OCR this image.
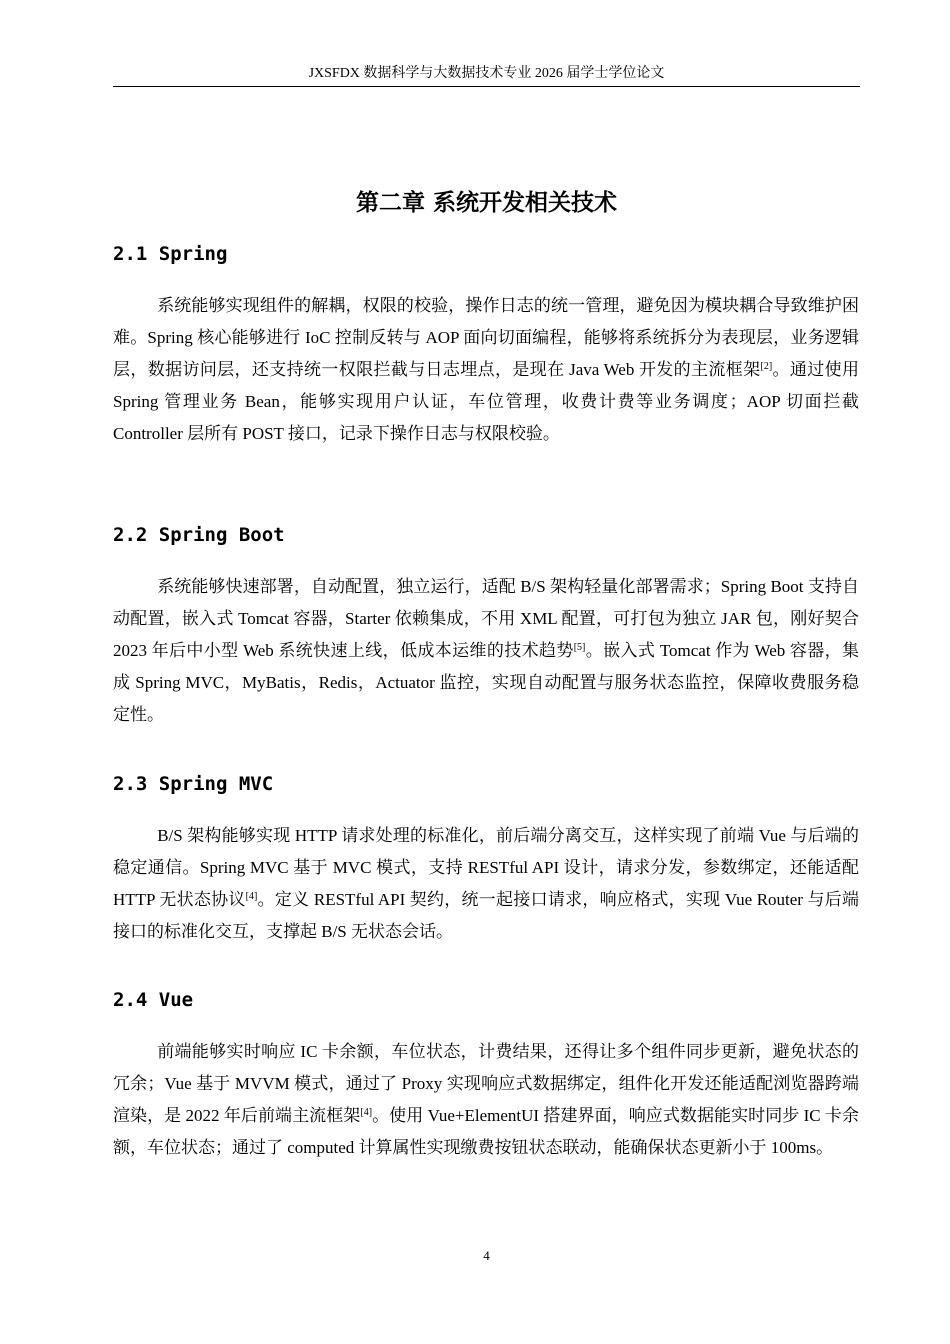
JXSFDX 数据科学与大数据技术专业 2026 届学士学位论文
第二章 系统开发相关技术
2.1 Spring

系统能够实现组件的解耦，权限的校验，操作日志的统一管理，避免因为模块耦合导致维护困难。Spring 核心能够进行 IoC 控制反转与 AOP 面向切面编程，能够将系统拆分为表现层，业务逻辑层，数据访问层，还支持统一权限拦截与日志埋点，是现在 Java Web 开发的主流框架[2]。通过使用 Spring 管理业务 Bean，能够实现用户认证，车位管理，收费计费等业务调度；AOP 切面拦截 Controller 层所有 POST 接口，记录下操作日志与权限校验。

2.2 Spring Boot

系统能够快速部署，自动配置，独立运行，适配 B/S 架构轻量化部署需求；Spring Boot 支持自动配置，嵌入式 Tomcat 容器，Starter 依赖集成，不用 XML 配置，可打包为独立 JAR 包，刚好契合 2023 年后中小型 Web 系统快速上线，低成本运维的技术趋势[5]。嵌入式 Tomcat 作为 Web 容器，集成 Spring MVC，MyBatis，Redis，Actuator 监控，实现自动配置与服务状态监控，保障收费服务稳定性。

2.3 Spring MVC

B/S 架构能够实现 HTTP 请求处理的标准化，前后端分离交互，这样实现了前端 Vue 与后端的稳定通信。Spring MVC 基于 MVC 模式，支持 RESTful API 设计，请求分发，参数绑定，还能适配 HTTP 无状态协议[4]。定义 RESTful API 契约，统一起接口请求，响应格式，实现 Vue Router 与后端接口的标准化交互，支撑起 B/S 无状态会话。

2.4 Vue

前端能够实时响应 IC 卡余额，车位状态，计费结果，还得让多个组件同步更新，避免状态的冗余；Vue 基于 MVVM 模式，通过了 Proxy 实现响应式数据绑定，组件化开发还能适配浏览器跨端渲染，是 2022 年后前端主流框架[4]。使用 Vue+ElementUI 搭建界面，响应式数据能实时同步 IC 卡余额，车位状态；通过了 computed 计算属性实现缴费按钮状态联动，能确保状态更新小于 100ms。

4
